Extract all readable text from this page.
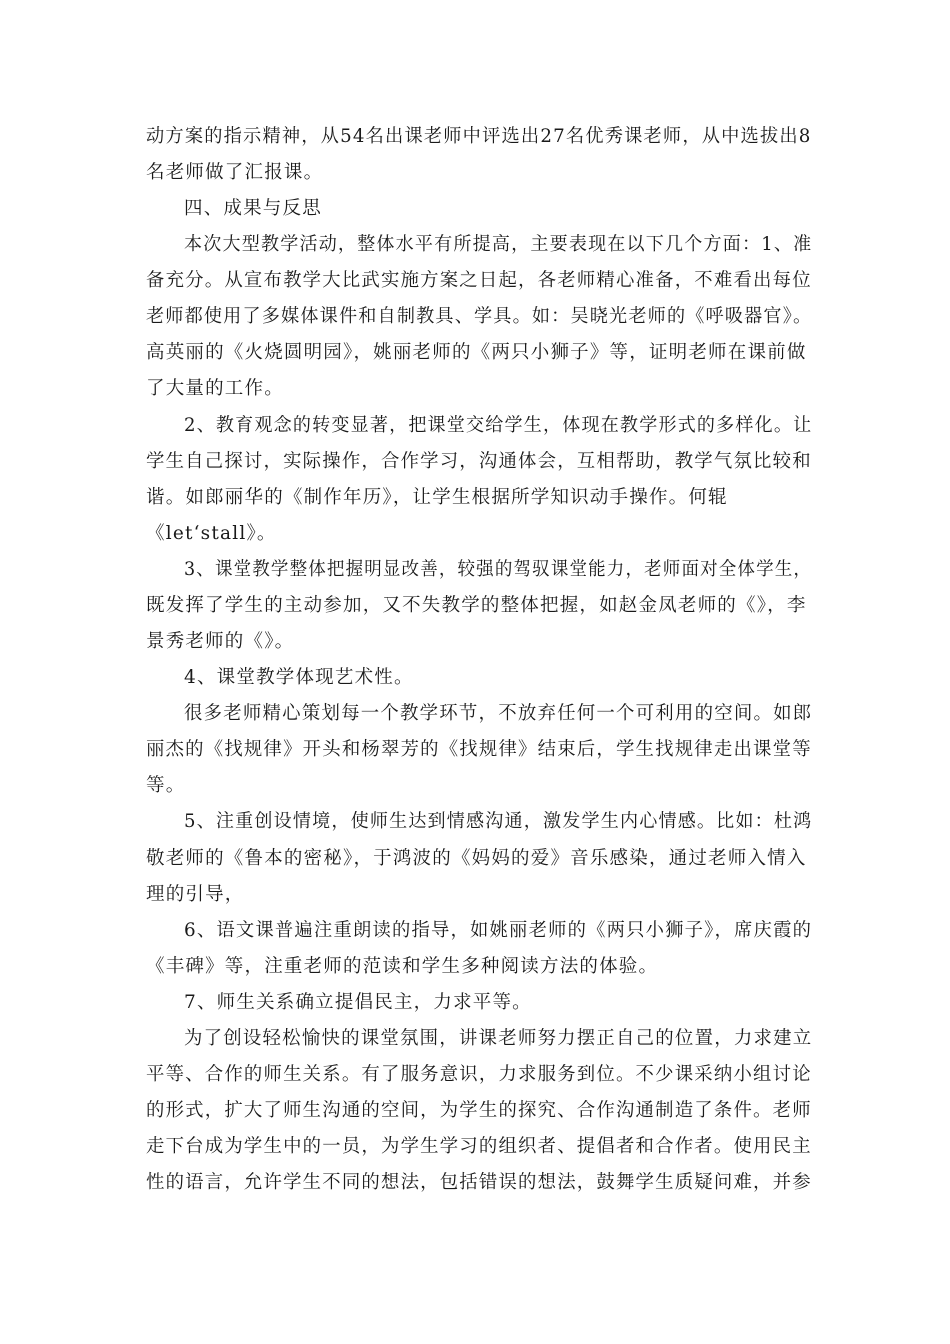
动方案的指示精神，从54名出课老师中评选出27名优秀课老师，从中选拔出8
名老师做了汇报课。
四、成果与反思
本次大型教学活动，整体水平有所提高，主要表现在以下几个方面：1、准
备充分。从宣布教学大比武实施方案之日起，各老师精心准备，不难看出每位
老师都使用了多媒体课件和自制教具、学具。如：吴晓光老师的《呼吸器官》。
高英丽的《火烧圆明园》，姚丽老师的《两只小狮子》等，证明老师在课前做
了大量的工作。
2、教育观念的转变显著，把课堂交给学生，体现在教学形式的多样化。让
学生自己探讨，实际操作，合作学习，沟通体会，互相帮助，教学气氛比较和
谐。如郎丽华的《制作年历》，让学生根据所学知识动手操作。何辊
《let‘stall》。
3、课堂教学整体把握明显改善，较强的驾驭课堂能力，老师面对全体学生，
既发挥了学生的主动参加，又不失教学的整体把握，如赵金凤老师的《》，李
景秀老师的《》。
4、课堂教学体现艺术性。
很多老师精心策划每一个教学环节，不放弃任何一个可利用的空间。如郎
丽杰的《找规律》开头和杨翠芳的《找规律》结束后，学生找规律走出课堂等
等。
5、注重创设情境，使师生达到情感沟通，激发学生内心情感。比如：杜鸿
敬老师的《鲁本的密秘》，于鸿波的《妈妈的爱》音乐感染，通过老师入情入
理的引导，
6、语文课普遍注重朗读的指导，如姚丽老师的《两只小狮子》，席庆霞的
《丰碑》等，注重老师的范读和学生多种阅读方法的体验。
7、师生关系确立提倡民主，力求平等。
为了创设轻松愉快的课堂氛围，讲课老师努力摆正自己的位置，力求建立
平等、合作的师生关系。有了服务意识，力求服务到位。不少课采纳小组讨论
的形式，扩大了师生沟通的空间，为学生的探究、合作沟通制造了条件。老师
走下台成为学生中的一员，为学生学习的组织者、提倡者和合作者。使用民主
性的语言，允许学生不同的想法，包括错误的想法，鼓舞学生质疑问难，并参
